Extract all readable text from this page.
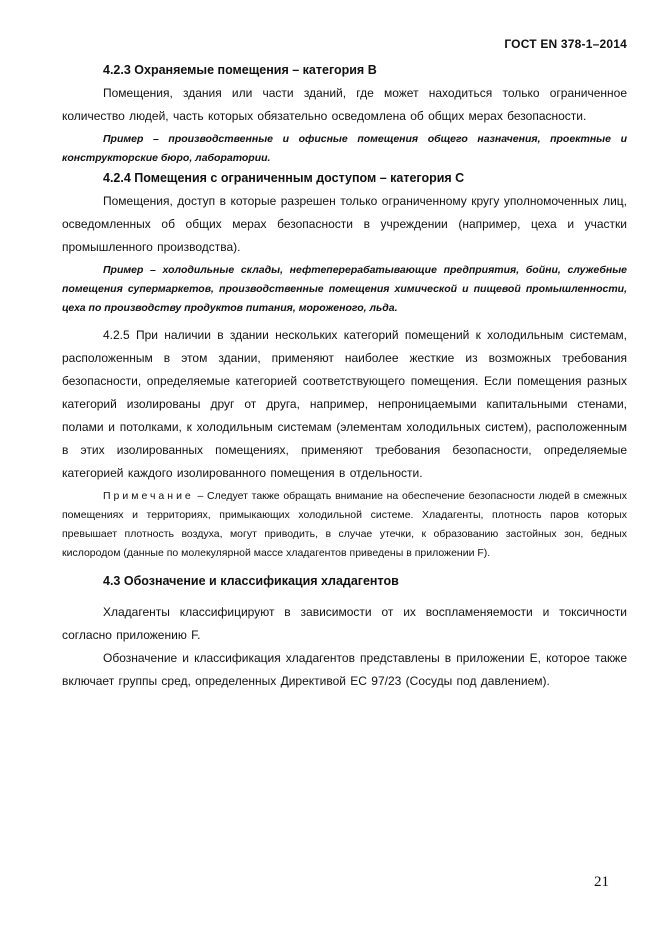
ГОСТ EN 378-1–2014
4.2.3 Охраняемые помещения – категория В

Помещения, здания или части зданий, где может находиться только ограниченное количество людей, часть которых обязательно осведомлена об общих мерах безопасности.

Пример – производственные и офисные помещения общего назначения, проектные и конструкторские бюро, лаборатории.

4.2.4 Помещения с ограниченным доступом – категория С

Помещения, доступ в которые разрешен только ограниченному кругу уполномоченных лиц, осведомленных об общих мерах безопасности в учреждении (например, цеха и участки промышленного производства).

Пример – холодильные склады, нефтеперерабатывающие предприятия, бойни, служебные помещения супермаркетов, производственные помещения химической и пищевой промышленности, цеха по производству продуктов питания, мороженого, льда.

4.2.5 При наличии в здании нескольких категорий помещений к холодильным системам, расположенным в этом здании, применяют наиболее жесткие из возможных требования безопасности, определяемые категорией соответствующего помещения. Если помещения разных категорий изолированы друг от друга, например, непроницаемыми капитальными стенами, полами и потолками, к холодильным системам (элементам холодильных систем), расположенным в этих изолированных помещениях, применяют требования безопасности, определяемые категорией каждого изолированного помещения в отдельности.

Примечание – Следует также обращать внимание на обеспечение безопасности людей в смежных помещениях и территориях, примыкающих холодильной системе. Хладагенты, плотность паров которых превышает плотность воздуха, могут приводить, в случае утечки, к образованию застойных зон, бедных кислородом (данные по молекулярной массе хладагентов приведены в приложении F).

4.3 Обозначение и классификация хладагентов

Хладагенты классифицируют в зависимости от их воспламеняемости и токсичности согласно приложению F.

Обозначение и классификация хладагентов представлены в приложении Е, которое также включает группы сред, определенных Директивой ЕС 97/23 (Сосуды под давлением).

21
